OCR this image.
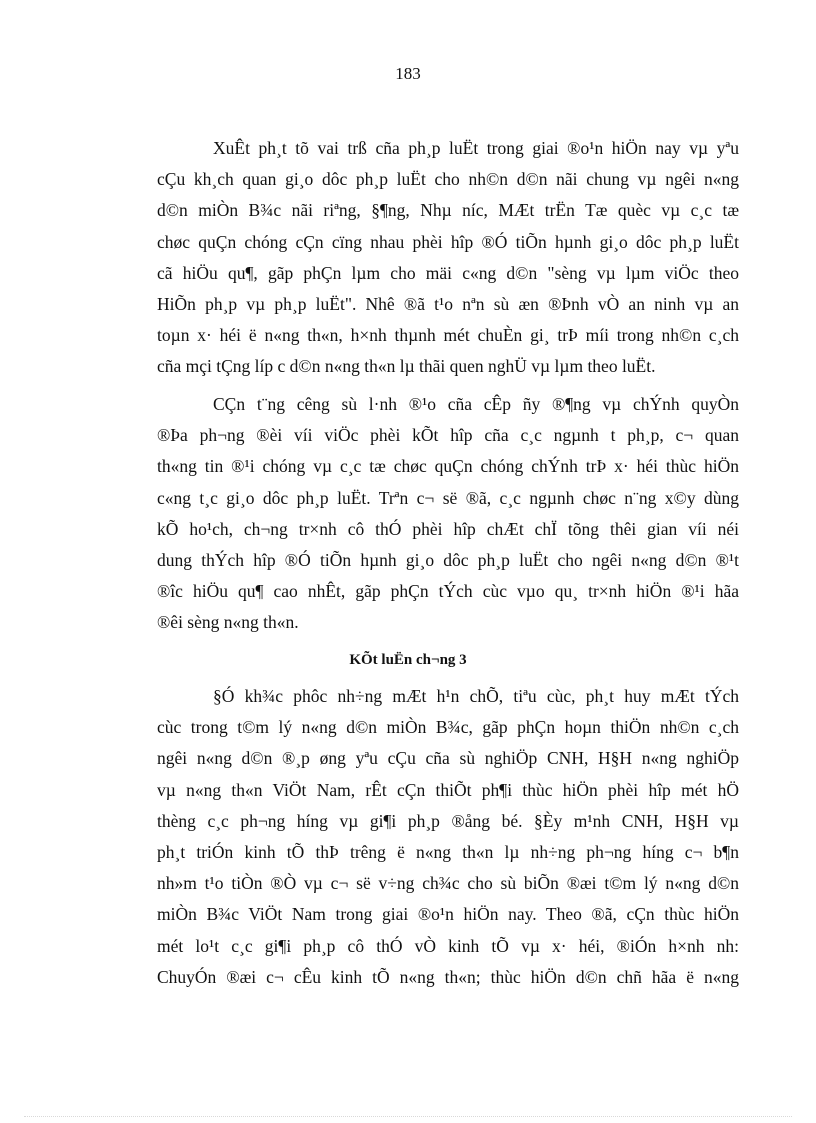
183
XuÊt ph¸t tõ vai trß cña ph¸p luËt trong giai ®o¹n hiÖn nay vµ yªu
cÇu kh¸ch quan gi¸o dôc ph¸p luËt cho nh©n d©n nãi chung vµ ngêi n«ng
d©n miÒn B¾c nãi riªng, §¶ng, Nhµ níc, MÆt trËn Tæ quèc vµ c¸c tæ
chøc quÇn chóng cÇn cïng nhau phèi hîp ®Ó tiÕn hµnh gi¸o dôc ph¸p luËt
cã hiÖu qu¶, gãp phÇn lµm cho mäi c«ng d©n "sèng vµ lµm viÖc theo
HiÕn ph¸p vµ ph¸p luËt". Nhê ®ã t¹o nªn sù æn ®Þnh vÒ an ninh vµ an
toµn x· héi ë n«ng th«n, h×nh thµnh mét chuÈn gi¸ trÞ míi trong nh©n c¸ch
cña mçi tÇng líp c d©n n«ng th«n lµ thãi quen nghÜ vµ lµm theo luËt.
CÇn t¨ng cêng sù l·nh ®¹o cña cÊp ñy ®¶ng vµ chÝnh quyÒn
®Þa ph¬ng ®èi víi viÖc phèi kÕt hîp cña c¸c ngµnh t ph¸p, c¬ quan
th«ng tin ®¹i chóng vµ c¸c tæ chøc quÇn chóng chÝnh trÞ x· héi thùc hiÖn
c«ng t¸c gi¸o dôc ph¸p luËt. Trªn c¬ së ®ã, c¸c ngµnh chøc n¨ng x©y dùng
kÕ ho¹ch, ch¬ng tr×nh cô thÓ phèi hîp chÆt chÏ tõng thêi gian víi néi
dung thÝch hîp ®Ó tiÕn hµnh gi¸o dôc ph¸p luËt cho ngêi n«ng d©n ®¹t
®îc hiÖu qu¶ cao nhÊt, gãp phÇn tÝch cùc vµo qu¸ tr×nh hiÖn ®¹i hãa
®êi sèng n«ng th«n.
KÕt luËn ch¬ng 3
§Ó kh¾c phôc nh÷ng mÆt h¹n chÕ, tiªu cùc, ph¸t huy mÆt tÝch
cùc trong t©m lý n«ng d©n miÒn B¾c, gãp phÇn hoµn thiÖn nh©n c¸ch
ngêi n«ng d©n ®¸p øng yªu cÇu cña sù nghiÖp CNH, H§H n«ng nghiÖp
vµ n«ng th«n ViÖt Nam, rÊt cÇn thiÕt ph¶i thùc hiÖn phèi hîp mét hÖ
thèng c¸c ph¬ng híng vµ gi¶i ph¸p ®ång bé. §Èy m¹nh CNH, H§H vµ
ph¸t triÓn kinh tÕ thÞ trêng ë n«ng th«n lµ nh÷ng ph¬ng híng c¬ b¶n
nh»m t¹o tiÒn ®Ò vµ c¬ së v÷ng ch¾c cho sù biÕn ®æi t©m lý n«ng d©n
miÒn B¾c ViÖt Nam trong giai ®o¹n hiÖn nay. Theo ®ã, cÇn thùc hiÖn
mét lo¹t c¸c gi¶i ph¸p cô thÓ vÒ kinh tÕ vµ x· héi, ®iÓn h×nh nh:
ChuyÓn ®æi c¬ cÊu kinh tÕ n«ng th«n; thùc hiÖn d©n chñ hãa ë n«ng
